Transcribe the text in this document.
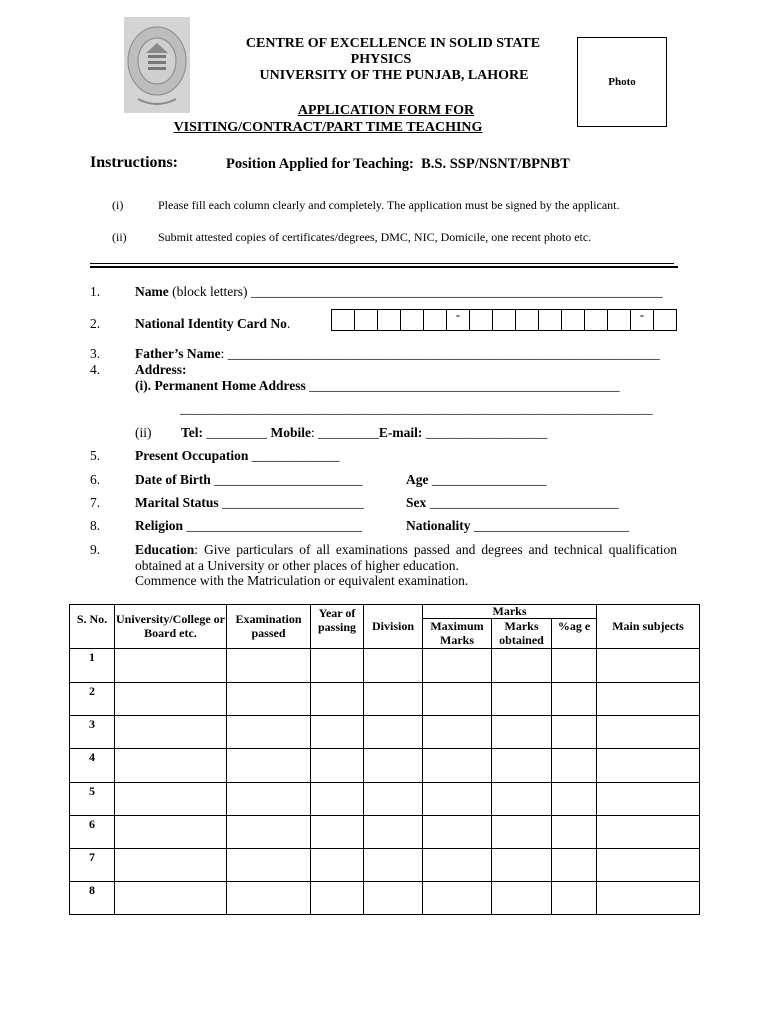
CENTRE OF EXCELLENCE IN SOLID STATE
PHYSICS
UNIVERSITY OF THE PUNJAB, LAHORE	Photo
APPLICATION FORM FOR
VISITING/CONTRACT/PART TIME TEACHING
Instructions:	Position Applied for Teaching: B.S. SSP/NSNT/BPNBT
(i)	Please fill each column clearly and completely. The application must be signed by the applicant.
(ii)	Submit attested copies of certificates/degrees, DMC, NIC, Domicile, one recent photo etc.
1.	Name (block letters) _____________________________________________________________
2.	National Identity Card No.
-	-
3.	Father’s Name: ________________________________________________________________
4.	Address:
(i). Permanent Home Address ______________________________________________
______________________________________________________________________
(ii) Tel: _________ Mobile: _________E-mail: __________________
5.	Present Occupation _____________
6.	Date of Birth ______________________	Age _________________
7.	Marital Status _____________________	Sex ____________________________
8.	Religion __________________________	Nationality _______________________
9.	Education: Give particulars of all examinations passed and degrees and technical qualification
obtained at a University or other places of higher education.
Commence with the Matriculation or equivalent examination.
S. No.	University/College or Board etc.	Examination passed	Year of passing	Division	Marks			Main subjects
					Maximum Marks	Marks obtained	%ag e	
1								
2								
3								
4								
5								
6								
7								
8								
